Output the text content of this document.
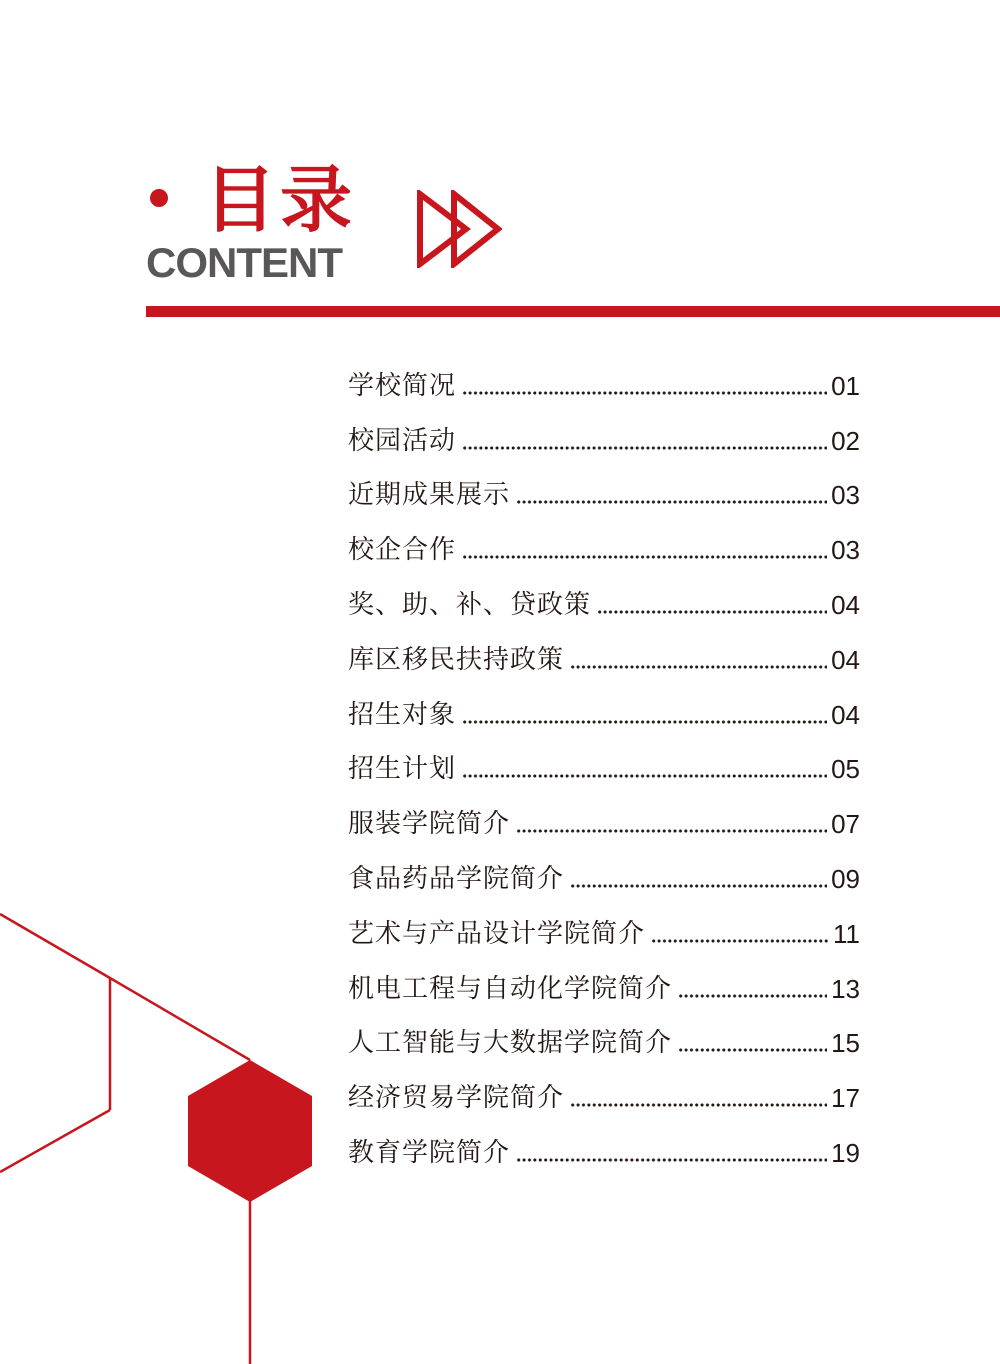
目录
CONTENT
学校简况	01
校园活动	02
近期成果展示	03
校企合作	03
奖、助、补、贷政策	04
库区移民扶持政策	04
招生对象	04
招生计划	05
服装学院简介	07
食品药品学院简介	09
艺术与产品设计学院简介	11
机电工程与自动化学院简介	13
人工智能与大数据学院简介	15
经济贸易学院简介	17
教育学院简介	19
